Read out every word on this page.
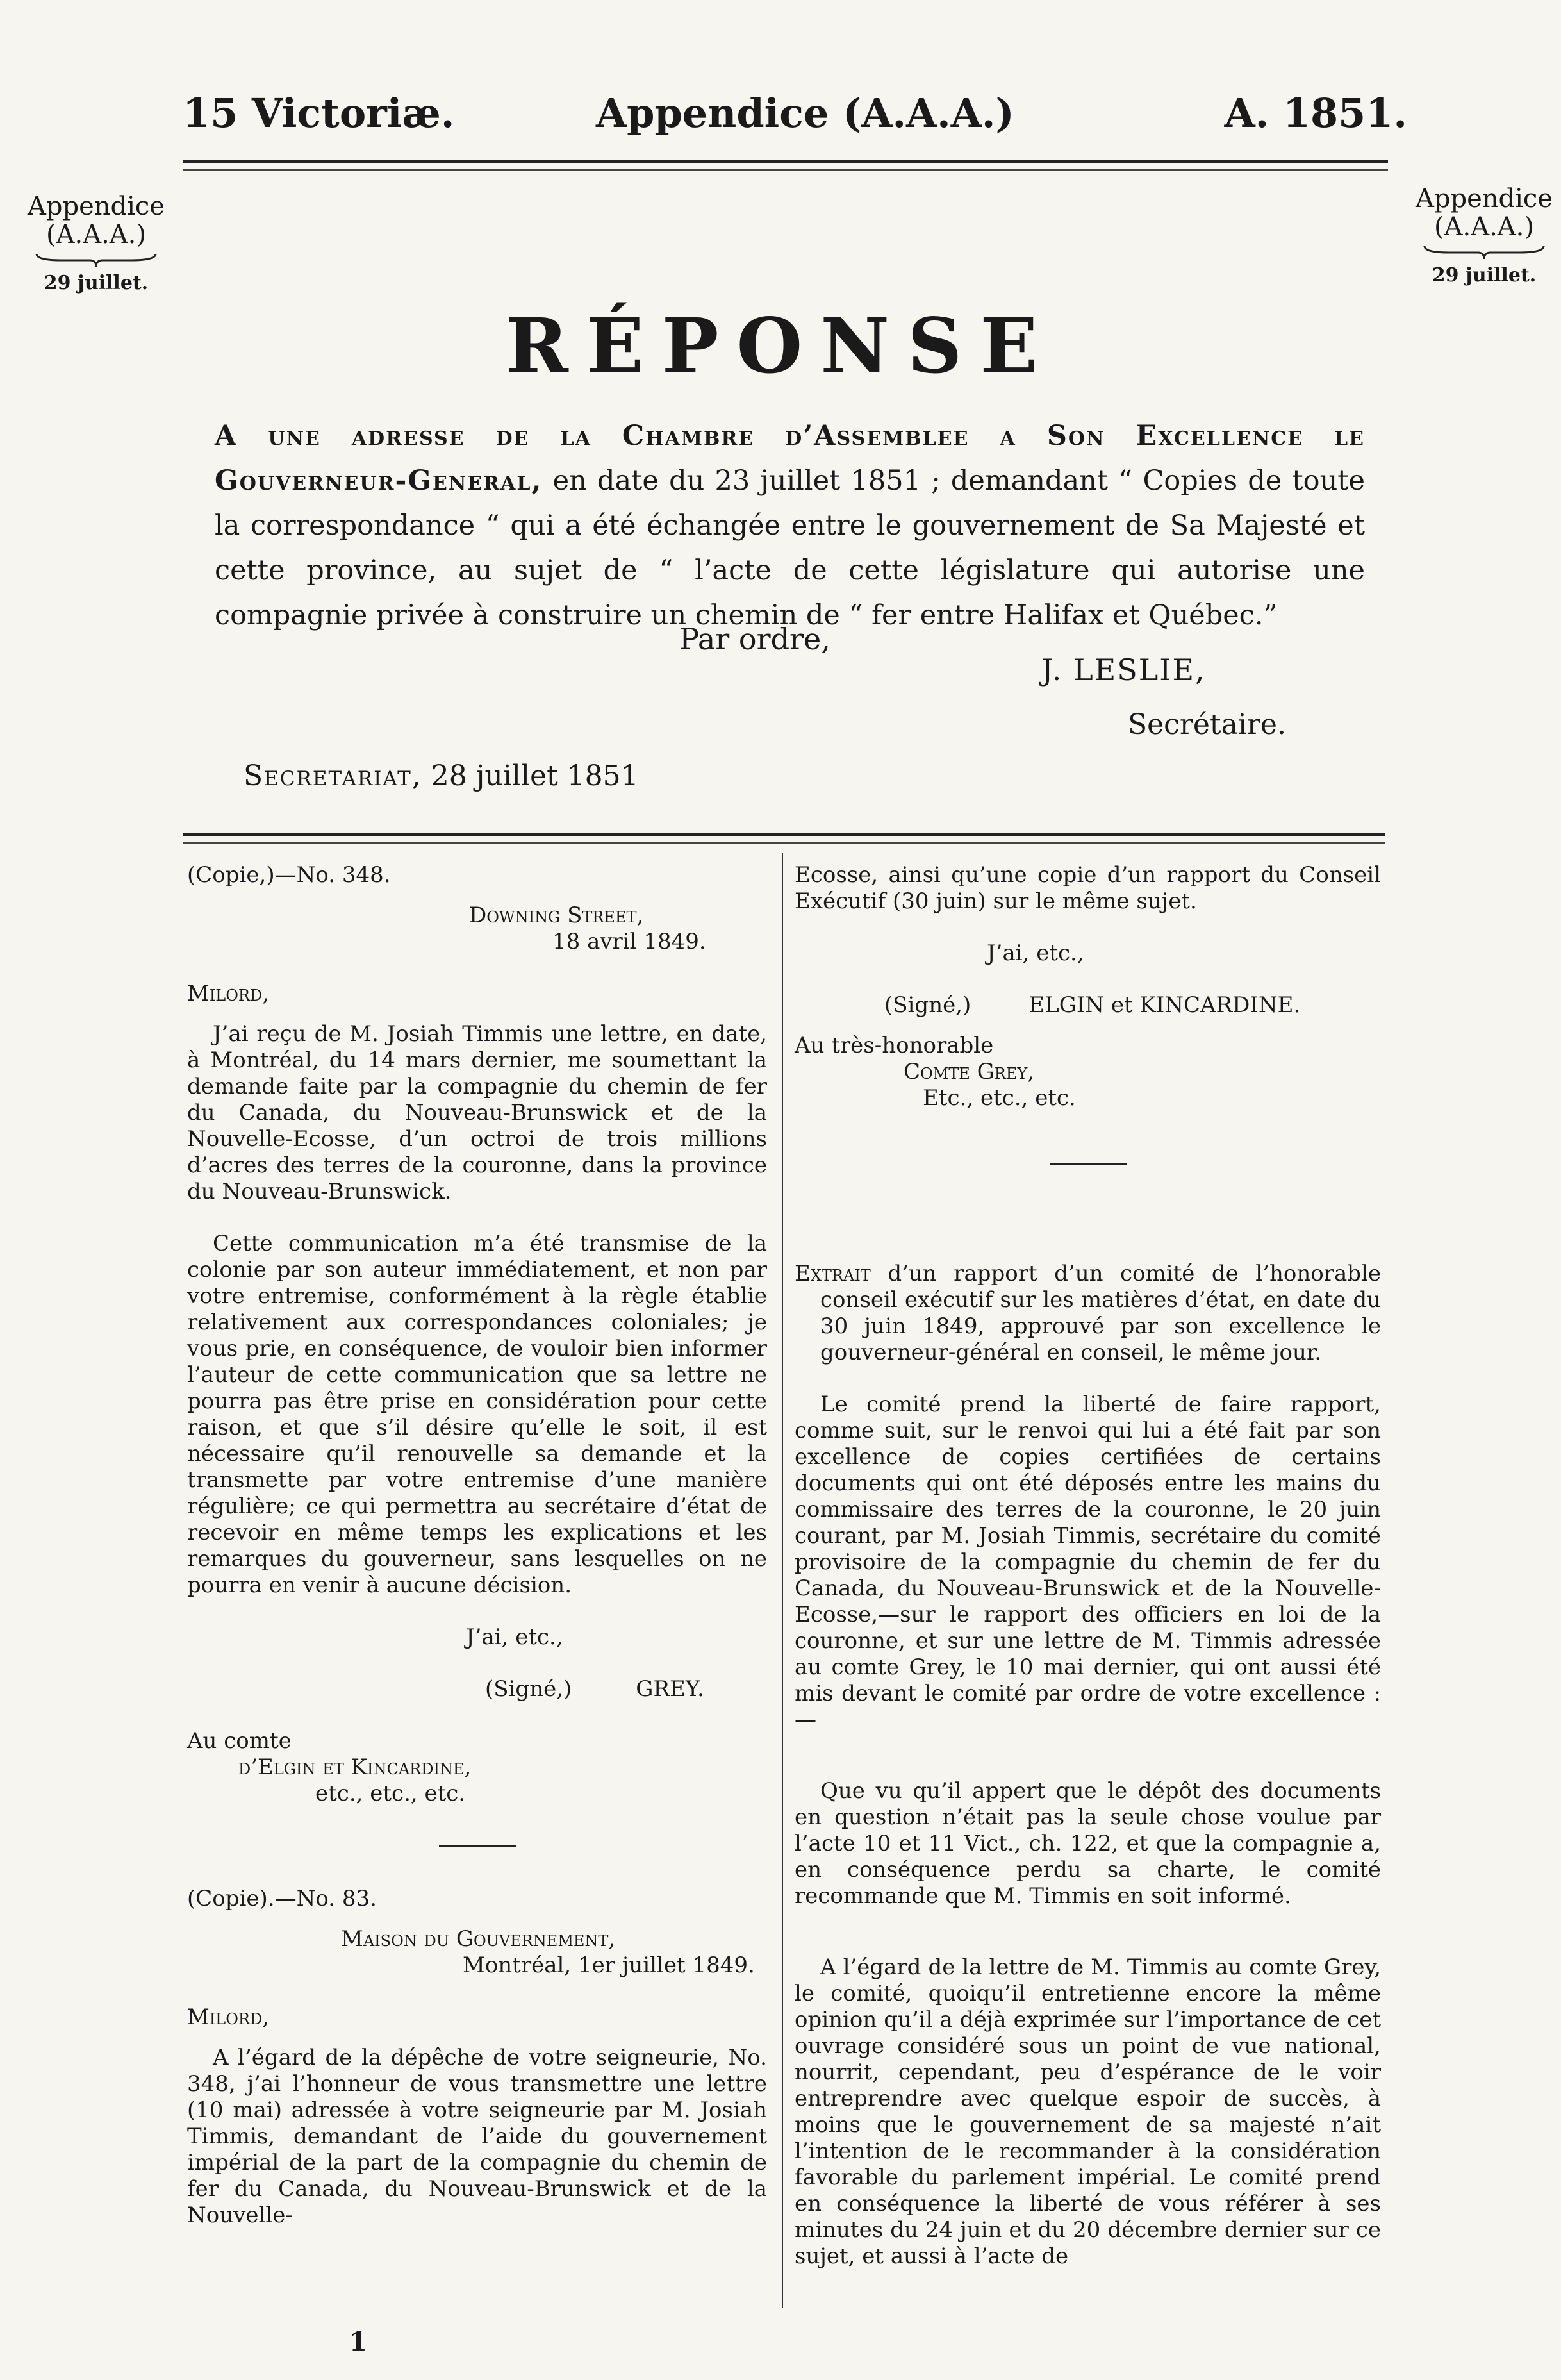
15 Victoriæ.	Appendice (A.A.A.)	A. 1851.
Appendice
(A.A.A.)
29 juillet.
Appendice
(A.A.A.)
29 juillet.
RÉPONSE
A une adresse de la Chambre d’Assemblee a Son Excellence le Gouverneur-General, en date du 23 juillet 1851 ; demandant “ Copies de toute la correspondance “ qui a été échangée entre le gouvernement de Sa Majesté et cette province, au sujet de “ l’acte de cette législature qui autorise une compagnie privée à construire un chemin de “ fer entre Halifax et Québec.”
Par ordre,
J. LESLIE,
Secrétaire.
Secretariat, 28 juillet 1851

(Copie,)—No. 348.

Downing Street,

18 avril 1849.

Milord,

J’ai reçu de M. Josiah Timmis une lettre, en date, à Montréal, du 14 mars dernier, me soumettant la demande faite par la compagnie du chemin de fer du Canada, du Nouveau-Brunswick et de la Nouvelle-Ecosse, d’un octroi de trois millions d’acres des terres de la couronne, dans la province du Nouveau-Brunswick.

Cette communication m’a été transmise de la colonie par son auteur immédiatement, et non par votre entremise, conformément à la règle établie relativement aux correspondances coloniales; je vous prie, en conséquence, de vouloir bien informer l’auteur de cette communication que sa lettre ne pourra pas être prise en considération pour cette raison, et que s’il désire qu’elle le soit, il est nécessaire qu’il renouvelle sa demande et la transmette par votre entremise d’une manière régulière; ce qui permettra au secrétaire d’état de recevoir en même temps les explications et les remarques du gouverneur, sans lesquelles on ne pourra en venir à aucune décision.

J’ai, etc.,

(Signé,)	GREY.

Au comte

d’Elgin et Kincardine,

etc., etc., etc.

(Copie).—No. 83.

Maison du Gouvernement,

Montréal, 1er juillet 1849.

Milord,

A l’égard de la dépêche de votre seigneurie, No. 348, j’ai l’honneur de vous transmettre une lettre (10 mai) adressée à votre seigneurie par M. Josiah Timmis, demandant de l’aide du gouvernement impérial de la part de la compagnie du chemin de fer du Canada, du Nouveau-Brunswick et de la Nouvelle-

Ecosse, ainsi qu’une copie d’un rapport du Conseil Exécutif (30 juin) sur le même sujet.

J’ai, etc.,

(Signé,)	ELGIN et KINCARDINE.

Au très-honorable

Comte Grey,

Etc., etc., etc.

Extrait d’un rapport d’un comité de l’honorable conseil exécutif sur les matières d’état, en date du 30 juin 1849, approuvé par son excellence le gouverneur-général en conseil, le même jour.

Le comité prend la liberté de faire rapport, comme suit, sur le renvoi qui lui a été fait par son excellence de copies certifiées de certains documents qui ont été déposés entre les mains du commissaire des terres de la couronne, le 20 juin courant, par M. Josiah Timmis, secrétaire du comité provisoire de la compagnie du chemin de fer du Canada, du Nouveau-Brunswick et de la Nouvelle-Ecosse,—sur le rapport des officiers en loi de la couronne, et sur une lettre de M. Timmis adressée au comte Grey, le 10 mai dernier, qui ont aussi été mis devant le comité par ordre de votre excellence :—

Que vu qu’il appert que le dépôt des documents en question n’était pas la seule chose voulue par l’acte 10 et 11 Vict., ch. 122, et que la compagnie a, en conséquence perdu sa charte, le comité recommande que M. Timmis en soit informé.

A l’égard de la lettre de M. Timmis au comte Grey, le comité, quoiqu’il entretienne encore la même opinion qu’il a déjà exprimée sur l’importance de cet ouvrage considéré sous un point de vue national, nourrit, cependant, peu d’espérance de le voir entreprendre avec quelque espoir de succès, à moins que le gouvernement de sa majesté n’ait l’intention de le recommander à la considération favorable du parlement impérial. Le comité prend en conséquence la liberté de vous référer à ses minutes du 24 juin et du 20 décembre dernier sur ce sujet, et aussi à l’acte de

1
